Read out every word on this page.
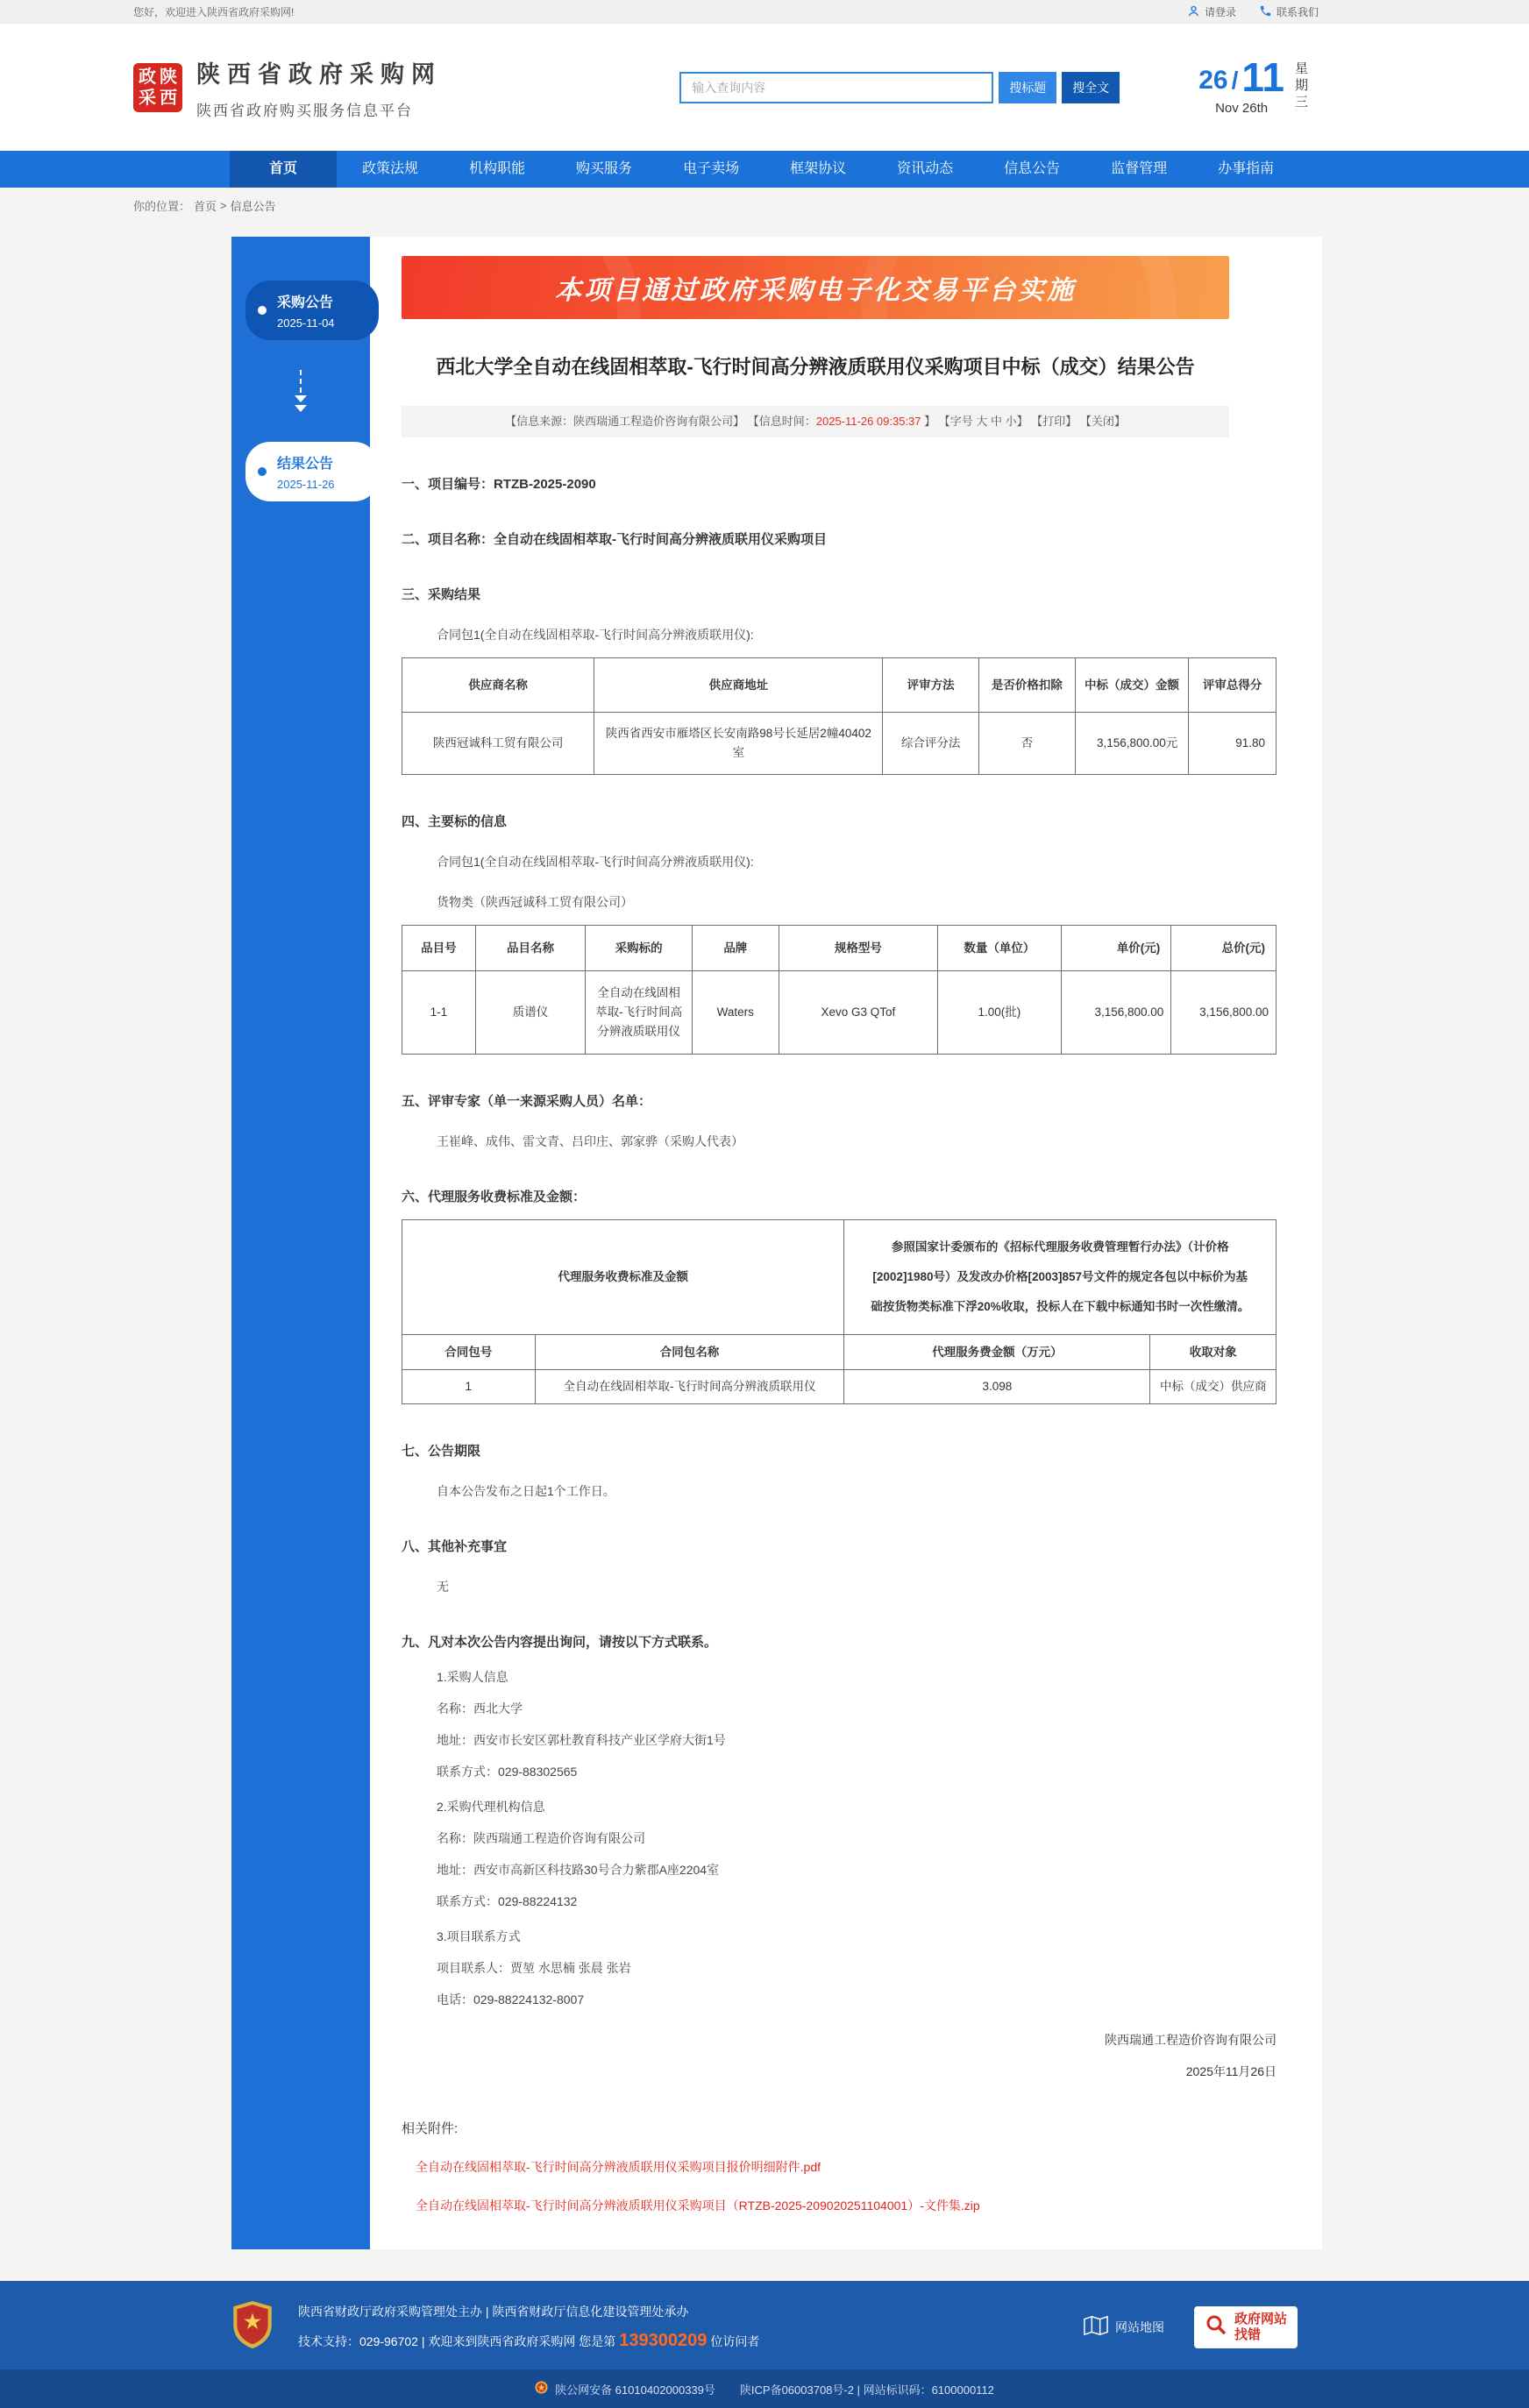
您好，欢迎进入陕西省政府采购网!	请登录	联系我们
政 陕
采 西
陕西省政府采购网
陕西省政府购买服务信息平台
输入查询内容
搜标题	搜全文	26 / 11
Nov 26th
星期三
首页	政策法规	机构职能	购买服务	电子卖场	框架协议	资讯动态	信息公告	监督管理	办事指南
你的位置： 首页 > 信息公告
采购公告
2025-11-04
结果公告
2025-11-26
本项目通过政府采购电子化交易平台实施
西北大学全自动在线固相萃取-飞行时间高分辨液质联用仪采购项目中标（成交）结果公告
【信息来源：陕西瑞通工程造价咨询有限公司】 【信息时间：2025-11-26 09:35:37 】 【字号 大 中 小】 【打印】 【关闭】
一、项目编号：RTZB-2025-2090
二、项目名称：全自动在线固相萃取-飞行时间高分辨液质联用仪采购项目
三、采购结果
合同包1(全自动在线固相萃取-飞行时间高分辨液质联用仪):
供应商名称	供应商地址	评审方法	是否价格扣除	中标（成交）金额	评审总得分
陕西冠诚科工贸有限公司	陕西省西安市雁塔区长安南路98号长延居2幢40402室	综合评分法	否	3,156,800.00元	91.80
四、主要标的信息
合同包1(全自动在线固相萃取-飞行时间高分辨液质联用仪):
货物类（陕西冠诚科工贸有限公司）
品目号	品目名称	采购标的	品牌	规格型号	数量（单位）	单价(元)	总价(元)
1-1	质谱仪	全自动在线固相萃取-飞行时间高分辨液质联用仪	Waters	Xevo G3 QTof	1.00(批)	3,156,800.00	3,156,800.00
五、评审专家（单一来源采购人员）名单：
王崔峰、成伟、雷文青、吕印庄、郭家骅（采购人代表）
六、代理服务收费标准及金额：
代理服务收费标准及金额		参照国家计委颁布的《招标代理服务收费管理暂行办法》（计价格[2002]1980号）及发改办价格[2003]857号文件的规定各包以中标价为基础按货物类标准下浮20%收取，投标人在下载中标通知书时一次性缴清。	
合同包号	合同包名称	代理服务费金额（万元）	收取对象
1	全自动在线固相萃取-飞行时间高分辨液质联用仪	3.098	中标（成交）供应商
七、公告期限
自本公告发布之日起1个工作日。
八、其他补充事宜
无
九、凡对本次公告内容提出询问，请按以下方式联系。
1.采购人信息
名称：西北大学
地址：西安市长安区郭杜教育科技产业区学府大街1号
联系方式：029-88302565
2.采购代理机构信息
名称：陕西瑞通工程造价咨询有限公司
地址：西安市高新区科技路30号合力紫郡A座2204室
联系方式：029-88224132
3.项目联系方式
项目联系人：贾堃 水思楠 张晨 张岩
电话：029-88224132-8007
陕西瑞通工程造价咨询有限公司
2025年11月26日
相关附件:
全自动在线固相萃取-飞行时间高分辨液质联用仪采购项目报价明细附件.pdf
全自动在线固相萃取-飞行时间高分辨液质联用仪采购项目（RTZB-2025-209020251104001）-文件集.zip
陕西省财政厅政府采购管理处主办 | 陕西省财政厅信息化建设管理处承办
技术支持：029-96702 | 欢迎来到陕西省政府采购网 您是第 139300209 位访问者
网站地图
政府网站
找错
陕公网安备 61010402000339号 陕ICP备06003708号-2 | 网站标识码：6100000112
